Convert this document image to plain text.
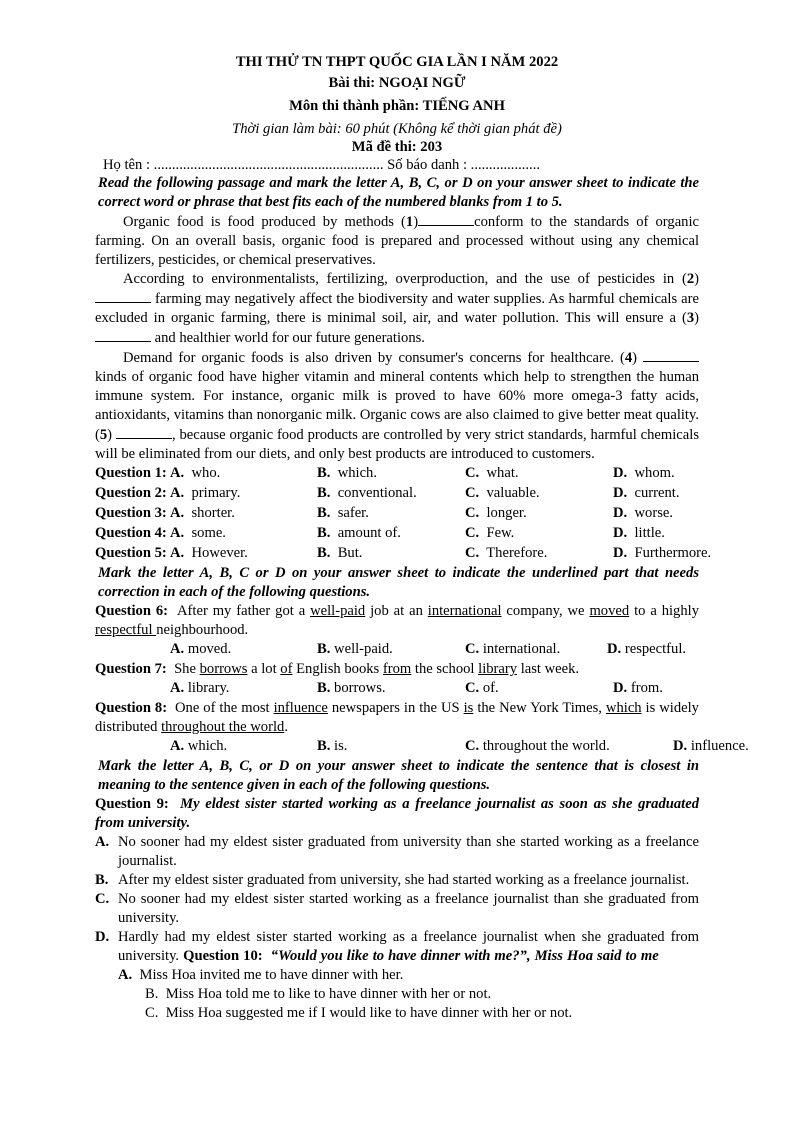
THI THỬ TN THPT QUỐC GIA LẦN I NĂM 2022
Bài thi: NGOẠI NGỮ
Môn thi thành phần: TIẾNG ANH
Thời gian làm bài: 60 phút (Không kể thời gian phát đề)
Mã đề thi: 203
Họ tên : ............................................................... Số báo danh : ...................

Read the following passage and mark the letter A, B, C, or D on your answer sheet to indicate the correct word or phrase that best fits each of the numbered blanks from 1 to 5.

Organic food is food produced by methods (1)	conform to the standards of organic farming. On an overall basis, organic food is prepared and processed without using any chemical fertilizers, pesticides, or chemical preservatives.

According to environmentalists, fertilizing, overproduction, and the use of pesticides in (2)  farming may negatively affect the biodiversity and water supplies. As harmful chemicals are excluded in organic farming, there is minimal soil, air, and water pollution. This will ensure a (3)  and healthier world for our future generations.

Demand for organic foods is also driven by consumer's concerns for healthcare. (4)  kinds of organic food have higher vitamin and mineral contents which help to strengthen the human immune system. For instance, organic milk is proved to have 60% more omega-3 fatty acids, antioxidants, vitamins than nonorganic milk. Organic cows are also claimed to give better meat quality. (5)	, because organic food products are controlled by very strict standards, harmful chemicals will be eliminated from our diets, and only best products are introduced to customers.

Question 1: A. who.	B. which.	C. what.	D. whom.
Question 2: A. primary.	B. conventional.	C. valuable.	D. current.
Question 3: A. shorter.	B. safer.	C. longer.	D. worse.
Question 4: A. some.	B. amount of.	C. Few.	D. little.
Question 5: A. However.	B. But.	C. Therefore.	D. Furthermore.

Mark the letter A, B, C or D on your answer sheet to indicate the underlined part that needs correction in each of the following questions.

Question 6: After my father got a well-paid job at an international company, we moved to a highly respectful neighbourhood.

A. moved.	B. well-paid.	C. international.	D. respectful.

Question 7: She borrows a lot of English books from the school library last week.

A. library.	B. borrows.	C. of.	D. from.

Question 8: One of the most influence newspapers in the US is the New York Times, which is widely distributed throughout the world.

A. which.	B. is.	C. throughout the world.	D. influence.

Mark the letter A, B, C, or D on your answer sheet to indicate the sentence that is closest in meaning to the sentence given in each of the following questions.

Question 9: My eldest sister started working as a freelance journalist as soon as she graduated from university.

A. No sooner had my eldest sister graduated from university than she started working as a freelance journalist.
B. After my eldest sister graduated from university, she had started working as a freelance journalist.
C. No sooner had my eldest sister started working as a freelance journalist than she graduated from university.
D. Hardly had my eldest sister started working as a freelance journalist when she graduated from university. Question 10: “Would you like to have dinner with me?”, Miss Hoa said to me           A. Miss Hoa invited me to have dinner with her.
B. Miss Hoa told me to like to have dinner with her or not.
C. Miss Hoa suggested me if I would like to have dinner with her or not.
